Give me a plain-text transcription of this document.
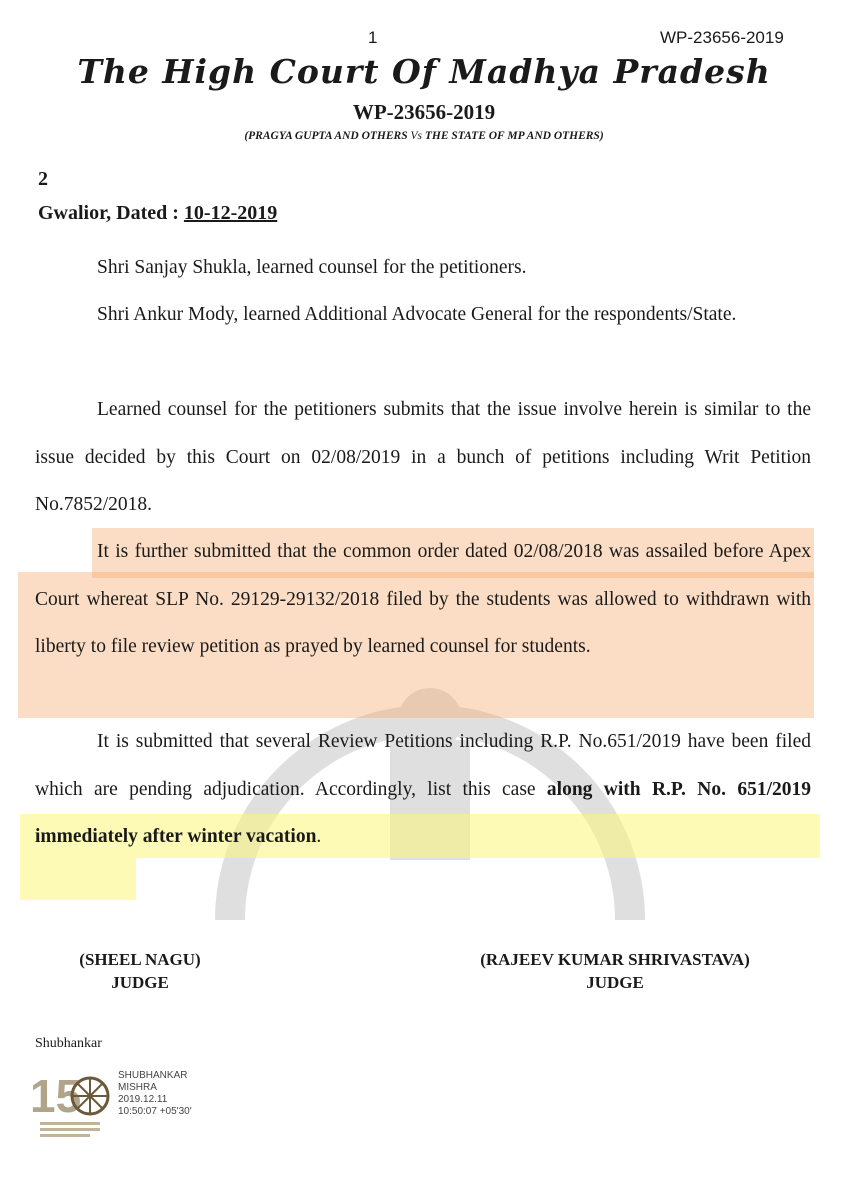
1	WP-23656-2019
The High Court Of Madhya Pradesh
WP-23656-2019
(PRAGYA GUPTA AND OTHERS Vs THE STATE OF MP AND OTHERS)
2
Gwalior, Dated : 10-12-2019
Shri Sanjay Shukla, learned counsel for the petitioners.
Shri Ankur Mody, learned Additional Advocate General for the respondents/State.
Learned counsel for the petitioners submits that the issue involve herein is similar to the issue decided by this Court on 02/08/2019 in a bunch of petitions including Writ Petition No.7852/2018.
It is further submitted that the common order dated 02/08/2018 was assailed before Apex Court whereat SLP No. 29129-29132/2018 filed by the students was allowed to withdrawn with liberty to file review petition as prayed by learned counsel for students.
It is submitted that several Review Petitions including R.P. No.651/2019 have been filed which are pending adjudication. Accordingly, list this case along with R.P. No. 651/2019 immediately after winter vacation.
(SHEEL NAGU)
JUDGE
(RAJEEV KUMAR SHRIVASTAVA)
JUDGE
Shubhankar
15	SHUBHANKAR
MISHRA
2019.12.11
10:50:07 +05'30'
